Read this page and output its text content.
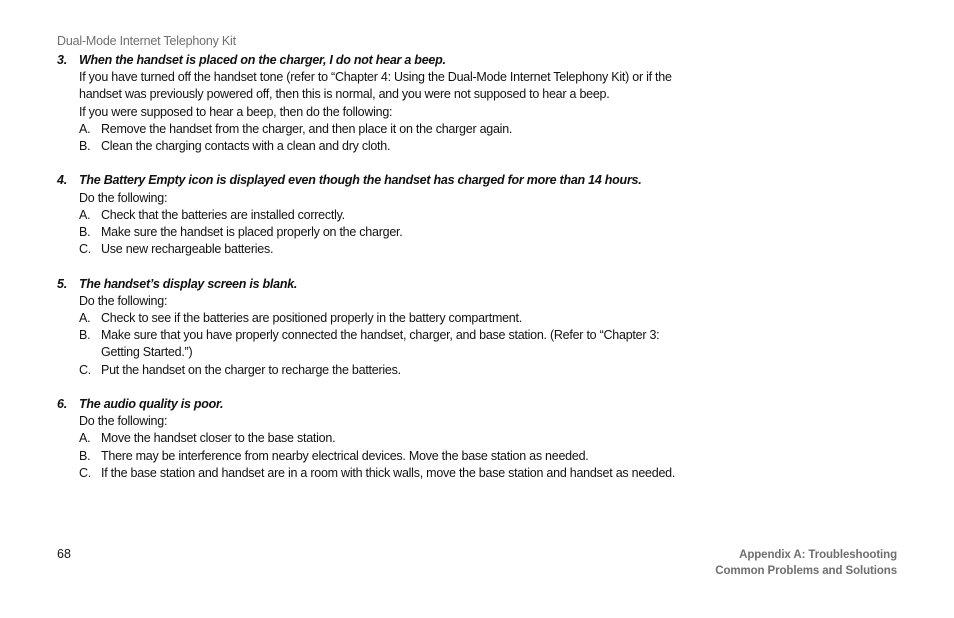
Dual-Mode Internet Telephony Kit
3. When the handset is placed on the charger, I do not hear a beep.
If you have turned off the handset tone (refer to “Chapter 4: Using the Dual-Mode Internet Telephony Kit) or if the handset was previously powered off, then this is normal, and you were not supposed to hear a beep.
If you were supposed to hear a beep, then do the following:
A. Remove the handset from the charger, and then place it on the charger again.
B. Clean the charging contacts with a clean and dry cloth.
4. The Battery Empty icon is displayed even though the handset has charged for more than 14 hours.
Do the following:
A. Check that the batteries are installed correctly.
B. Make sure the handset is placed properly on the charger.
C. Use new rechargeable batteries.
5. The handset’s display screen is blank.
Do the following:
A. Check to see if the batteries are positioned properly in the battery compartment.
B. Make sure that you have properly connected the handset, charger, and base station. (Refer to “Chapter 3: Getting Started.”)
C. Put the handset on the charger to recharge the batteries.
6. The audio quality is poor.
Do the following:
A. Move the handset closer to the base station.
B. There may be interference from nearby electrical devices. Move the base station as needed.
C. If the base station and handset are in a room with thick walls, move the base station and handset as needed.
68	Appendix A: Troubleshooting
Common Problems and Solutions
